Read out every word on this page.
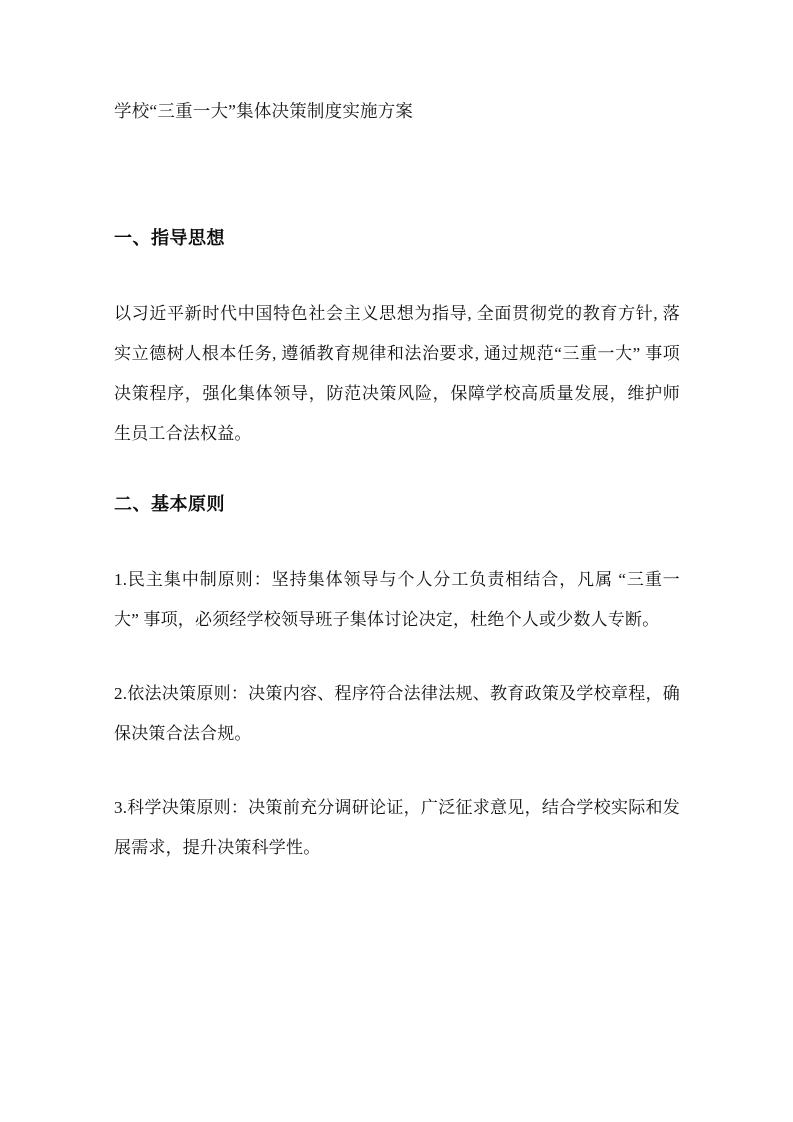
学校“三重一大”集体决策制度实施方案

一、指导思想

以习近平新时代中国特色社会主义思想为指导, 全面贯彻党的教育方针, 落实立德树人根本任务, 遵循教育规律和法治要求, 通过规范“三重一大” 事项决策程序，强化集体领导，防范决策风险，保障学校高质量发展，维护师生员工合法权益。

二、基本原则

1.民主集中制原则：坚持集体领导与个人分工负责相结合，凡属 “三重一大” 事项，必须经学校领导班子集体讨论决定，杜绝个人或少数人专断。

2.依法决策原则：决策内容、程序符合法律法规、教育政策及学校章程，确保决策合法合规。

3.科学决策原则：决策前充分调研论证，广泛征求意见，结合学校实际和发展需求，提升决策科学性。
